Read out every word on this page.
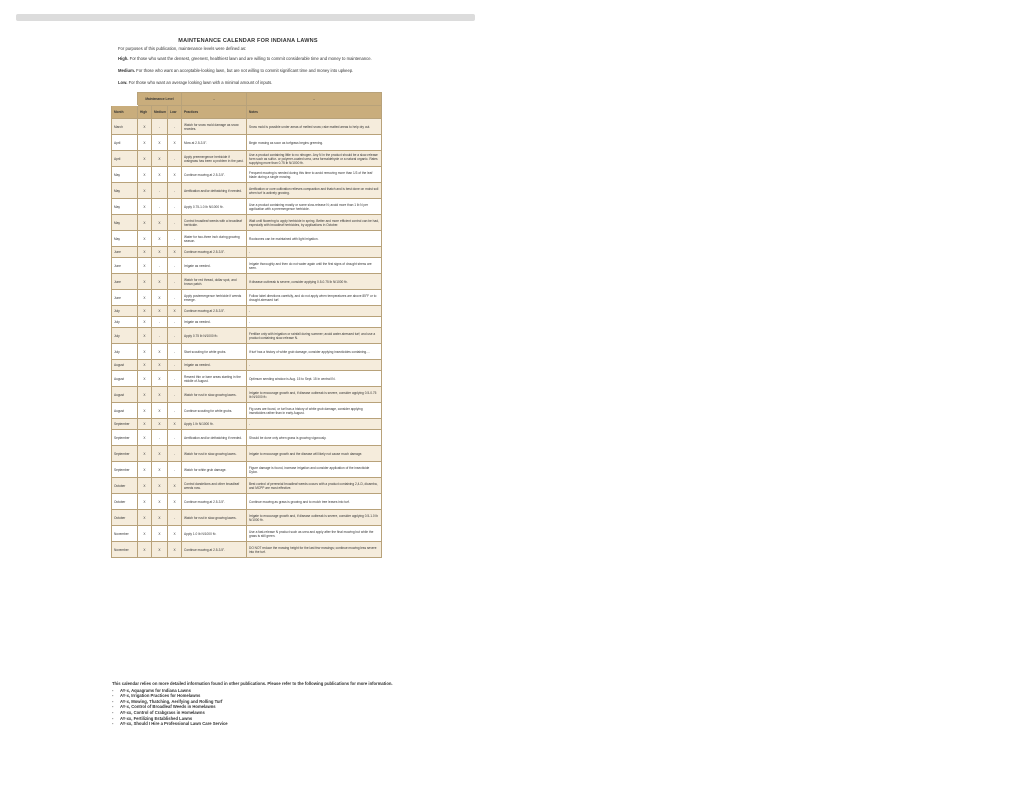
MAINTENANCE CALENDAR FOR INDIANA LAWNS
For purposes of this publication, maintenance levels were defined as:
High. For those who want the densest, greenest, healthiest lawn and are willing to commit considerable time and money to maintenance.
Medium. For those who want an acceptable-looking lawn, but are not willing to commit significant time and money into upkeep.
Low. For those who want an average looking lawn with a minimal amount of inputs.
	Maintenance Level			-	-
Month	High	Medium	Low	Practices	Notes
March	X	-	-	Watch for snow mold damage as snow recedes.	Snow mold is possible under areas of melted snow; rake matted areas to help dry out.
April	X	X	X	Mow at 2.5-3.5".	Begin mowing as soon as turfgrass begins greening.
April	X	X	-	Apply preemergence herbicide if crabgrass has been a problem in the past.	Use a product containing little to no nitrogen. Any N in the product should be a slow-release form such as sulfur- or polymer-coated urea, urea formaldehyde or a natural organic. Rates supplying more than 0.75 lb N/1000 ft².
May	X	X	X	Continue mowing at 2.5-3.5".	Frequent mowing is needed during this time to avoid removing more than 1/3 of the leaf blade during a single mowing.
May	X	-	-	Aerification and/or dethatching if needed.	Aerification or core cultivation relieves compaction and thatch and is best done on moist soil when turf is actively growing.
May	X	-	-	Apply 0.75-1.0 lb N/1000 ft².	Use a product containing mostly or some slow-release N; avoid more than 1 lb N per application with a preemergence herbicide.
May	X	X	-	Control broadleaf weeds with a broadleaf herbicide.	Wait until flowering to apply herbicide in spring. Better and more efficient control can be had, especially with broadleaf herbicides, by applications in October.
May	X	X	-	Water for two-three inch during growing season.	Rootzones can be maintained with light irrigation.
June	X	X	X	Continue mowing at 2.5-3.5".	-
June	X	-	-	Irrigate as needed.	Irrigate thoroughly and then do not water again until the first signs of drought stress are seen.
June	X	X	-	Watch for red thread, dollar spot, and brown patch.	If disease outbreak is severe, consider applying 0.5-0.75 lb N/1000 ft².
June	X	X	-	Apply postemergence herbicide if weeds emerge.	Follow label directions carefully, and do not apply when temperatures are above 85°F or to drought-stressed turf.
July	X	X	X	Continue mowing at 2.5-3.5".	-
July	X	-	-	Irrigate as needed.	-
July	X	-	-	Apply 0.75 lb N/1000 ft².	Fertilize only with irrigation or rainfall during summer; avoid water-stressed turf; and use a product containing slow-release N.
July	X	X	-	Start scouting for white grubs.	If turf has a history of white grub damage, consider applying insecticides containing....
August	X	X	-	Irrigate as needed.	-
August	X	X	-	Reseed thin or bare areas starting in the middle of August.	Optimum seeding window is Aug. 15 to Sept. 15 in central IN.
August	X	X	-	Watch for rust in slow-growing lawns.	Irrigate to encourage growth and, if disease outbreak is severe, consider applying 0.5-0.75 lb N/1000 ft².
August	X	X	-	Continue scouting for white grubs.	Fig uses are found, or turf has a history of white grub damage, consider applying insecticides rather than in early August.
September	X	X	X	Apply 1 lb N/1000 ft².	-
September	X	-	-	Aerification and/or dethatching if needed.	Should be done only when grass is growing vigorously.
September	X	X	-	Watch for rust in slow-growing lawns.	Irrigate to encourage growth and the disease will likely not cause much damage.
September	X	X	-	Watch for white grub damage.	Figure damage is found, increase irrigation and consider application of the insecticide Dylox.
October	X	X	X	Control dandelions and other broadleaf weeds now.	Best control of perennial broadleaf weeds occurs with a product containing 2,4-D, dicamba, and MCPP are most effective.
October	X	X	X	Continue mowing at 2.5-3.5".	Continue mowing as grass is growing and to mulch tree leaves into turf.
October	X	X	-	Watch for rust in slow-growing lawns.	Irrigate to encourage growth and, if disease outbreak is severe, consider applying 0.5-1.0 lb N/1000 ft².
November	X	X	X	Apply 1.0 lb N/1000 ft².	Use a fast-release N product such as urea and apply after the final mowing but while the grass is still green.
November	X	X	X	Continue mowing at 2.5-3.5".	DO NOT reduce the mowing height for the last few mowings; continue mowing less severe into the turf.
This calendar relies on more detailed information found in other publications. Please refer to the following publications for more information.
- AY-x, Aquagrams for Indiana Lawns
- AY-x, Irrigation Practices for Homelawns
- AY-x, Mowing, Thatching, Aerifying and Rolling Turf
- AY-x, Control of Broadleaf Weeds in Homelawns
- AY-xx, Control of Crabgrass in Homelawns
- AY-xx, Fertilizing Established Lawns
- AY-xx, Should I Hire a Professional Lawn Care Service
